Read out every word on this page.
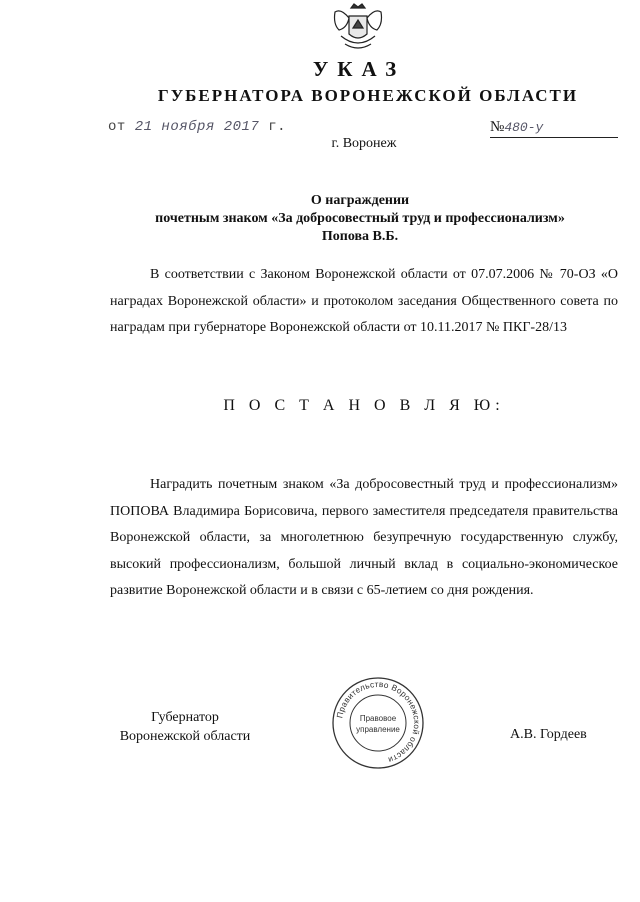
УКАЗ
ГУБЕРНАТОРА ВОРОНЕЖСКОЙ ОБЛАСТИ
от 21 ноября 2017 г.	№480-у
г. Воронеж
О награждении
почетным знаком «За добросовестный труд и профессионализм»
Попова В.Б.
В соответствии с Законом Воронежской области от 07.07.2006 № 70-ОЗ «О наградах Воронежской области» и протоколом заседания Общественного совета по наградам при губернаторе Воронежской области от 10.11.2017 № ПКГ-28/13
П О С Т А Н О В Л Я Ю:
Наградить почетным знаком «За добросовестный труд и профессионализм» ПОПОВА Владимира Борисовича, первого заместителя председателя правительства Воронежской области, за многолетнюю безупречную государственную службу, высокий профессионализм, большой личный вклад в социально-экономическое развитие Воронежской области и в связи с 65-летием со дня рождения.
Губернатор
Воронежской области
Правительство Воронежской области
Правовое
управление	А.В. Гордеев
